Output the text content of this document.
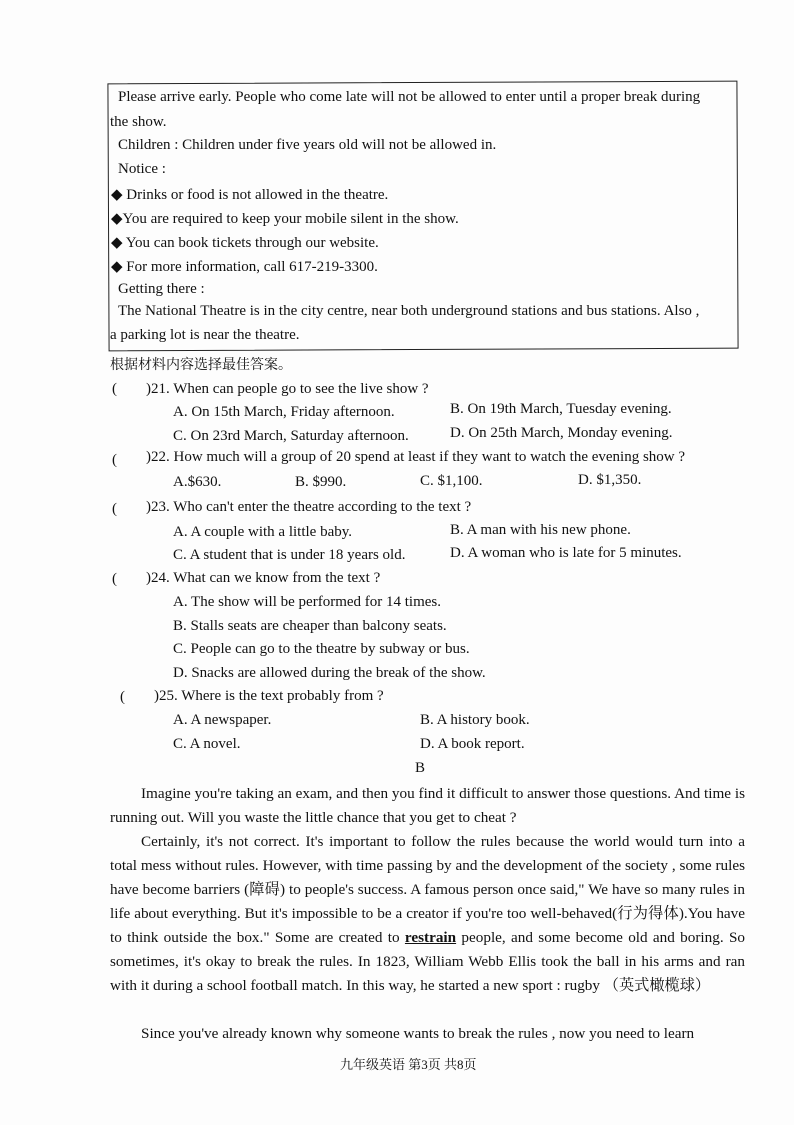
Please arrive early. People who come late will not be allowed to enter until a proper break during
the show.
Children : Children under five years old will not be allowed in.
Notice :
◆ Drinks or food is not allowed in the theatre.
◆You are required to keep your mobile silent in the show.
◆ You can book tickets through our website.
◆ For more information, call 617-219-3300.
Getting there :
The National Theatre is in the city centre, near both underground stations and bus stations. Also ,
a parking lot is near the theatre.
根据材料内容选择最佳答案。
( )21. When can people go to see the live show ?
A. On 15th March, Friday afternoon.	B. On 19th March, Tuesday evening.
C. On 23rd March, Saturday afternoon.	D. On 25th March, Monday evening.
( )22. How much will a group of 20 spend at least if they want to watch the evening show ?
A.$630.	B. $990.	C. $1,100.	D. $1,350.
( )23. Who can't enter the theatre according to the text ?
A. A couple with a little baby.	B. A man with his new phone.
C. A student that is under 18 years old.	D. A woman who is late for 5 minutes.
( )24. What can we know from the text ?
A. The show will be performed for 14 times.
B. Stalls seats are cheaper than balcony seats.
C. People can go to the theatre by subway or bus.
D. Snacks are allowed during the break of the show.
( )25. Where is the text probably from ?
A. A newspaper.	B. A history book.
C. A novel.	D. A book report.
B
Imagine you're taking an exam, and then you find it difficult to answer those questions. And time is running out. Will you waste the little chance that you get to cheat ?
Certainly, it's not correct. It's important to follow the rules because the world would turn into a total mess without rules. However, with time passing by and the development of the society , some rules have become barriers (障碍) to people's success. A famous person once said," We have so many rules in life about everything. But it's impossible to be a creator if you're too well-behaved(行为得体).You have to think outside the box." Some are created to restrain people, and some become old and boring. So sometimes, it's okay to break the rules. In 1823, William Webb Ellis took the ball in his arms and ran with it during a school football match. In this way, he started a new sport : rugby （英式橄榄球）
Since you've already known why someone wants to break the rules , now you need to learn
九年级英语 第3页 共8页
